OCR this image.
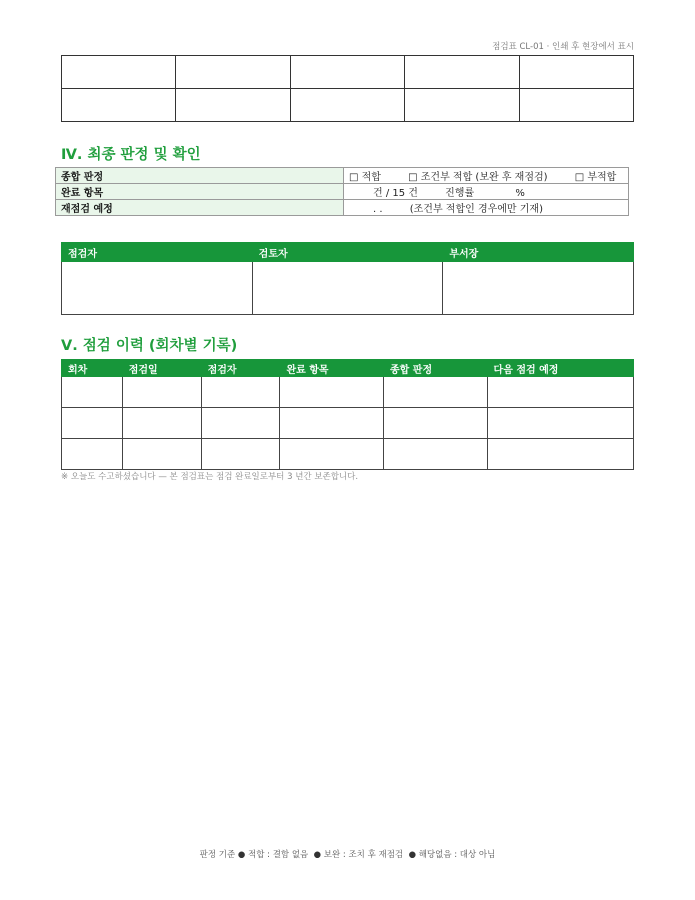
점검표 CL-01 · 인쇄 후 현장에서 표시

Ⅳ. 최종 판정 및 확인
종합 판정	□ 적합 □ 조건부 적합 (보완 후 재점검) □ 부적합
완료 항목	건 / 15 건 진행률 %
재점검 예정	. . (조건부 적합인 경우에만 기재)
점검자	검토자	부서장

Ⅴ. 점검 이력 (회차별 기록)
회차	점검일	점검자	완료 항목	종합 판정	다음 점검 예정

※ 오늘도 수고하셨습니다 — 본 점검표는 점검 완료일로부터 3 년간 보존합니다.
판정 기준 ● 적합 : 결함 없음 ● 보완 : 조치 후 재점검 ● 해당없음 : 대상 아님
